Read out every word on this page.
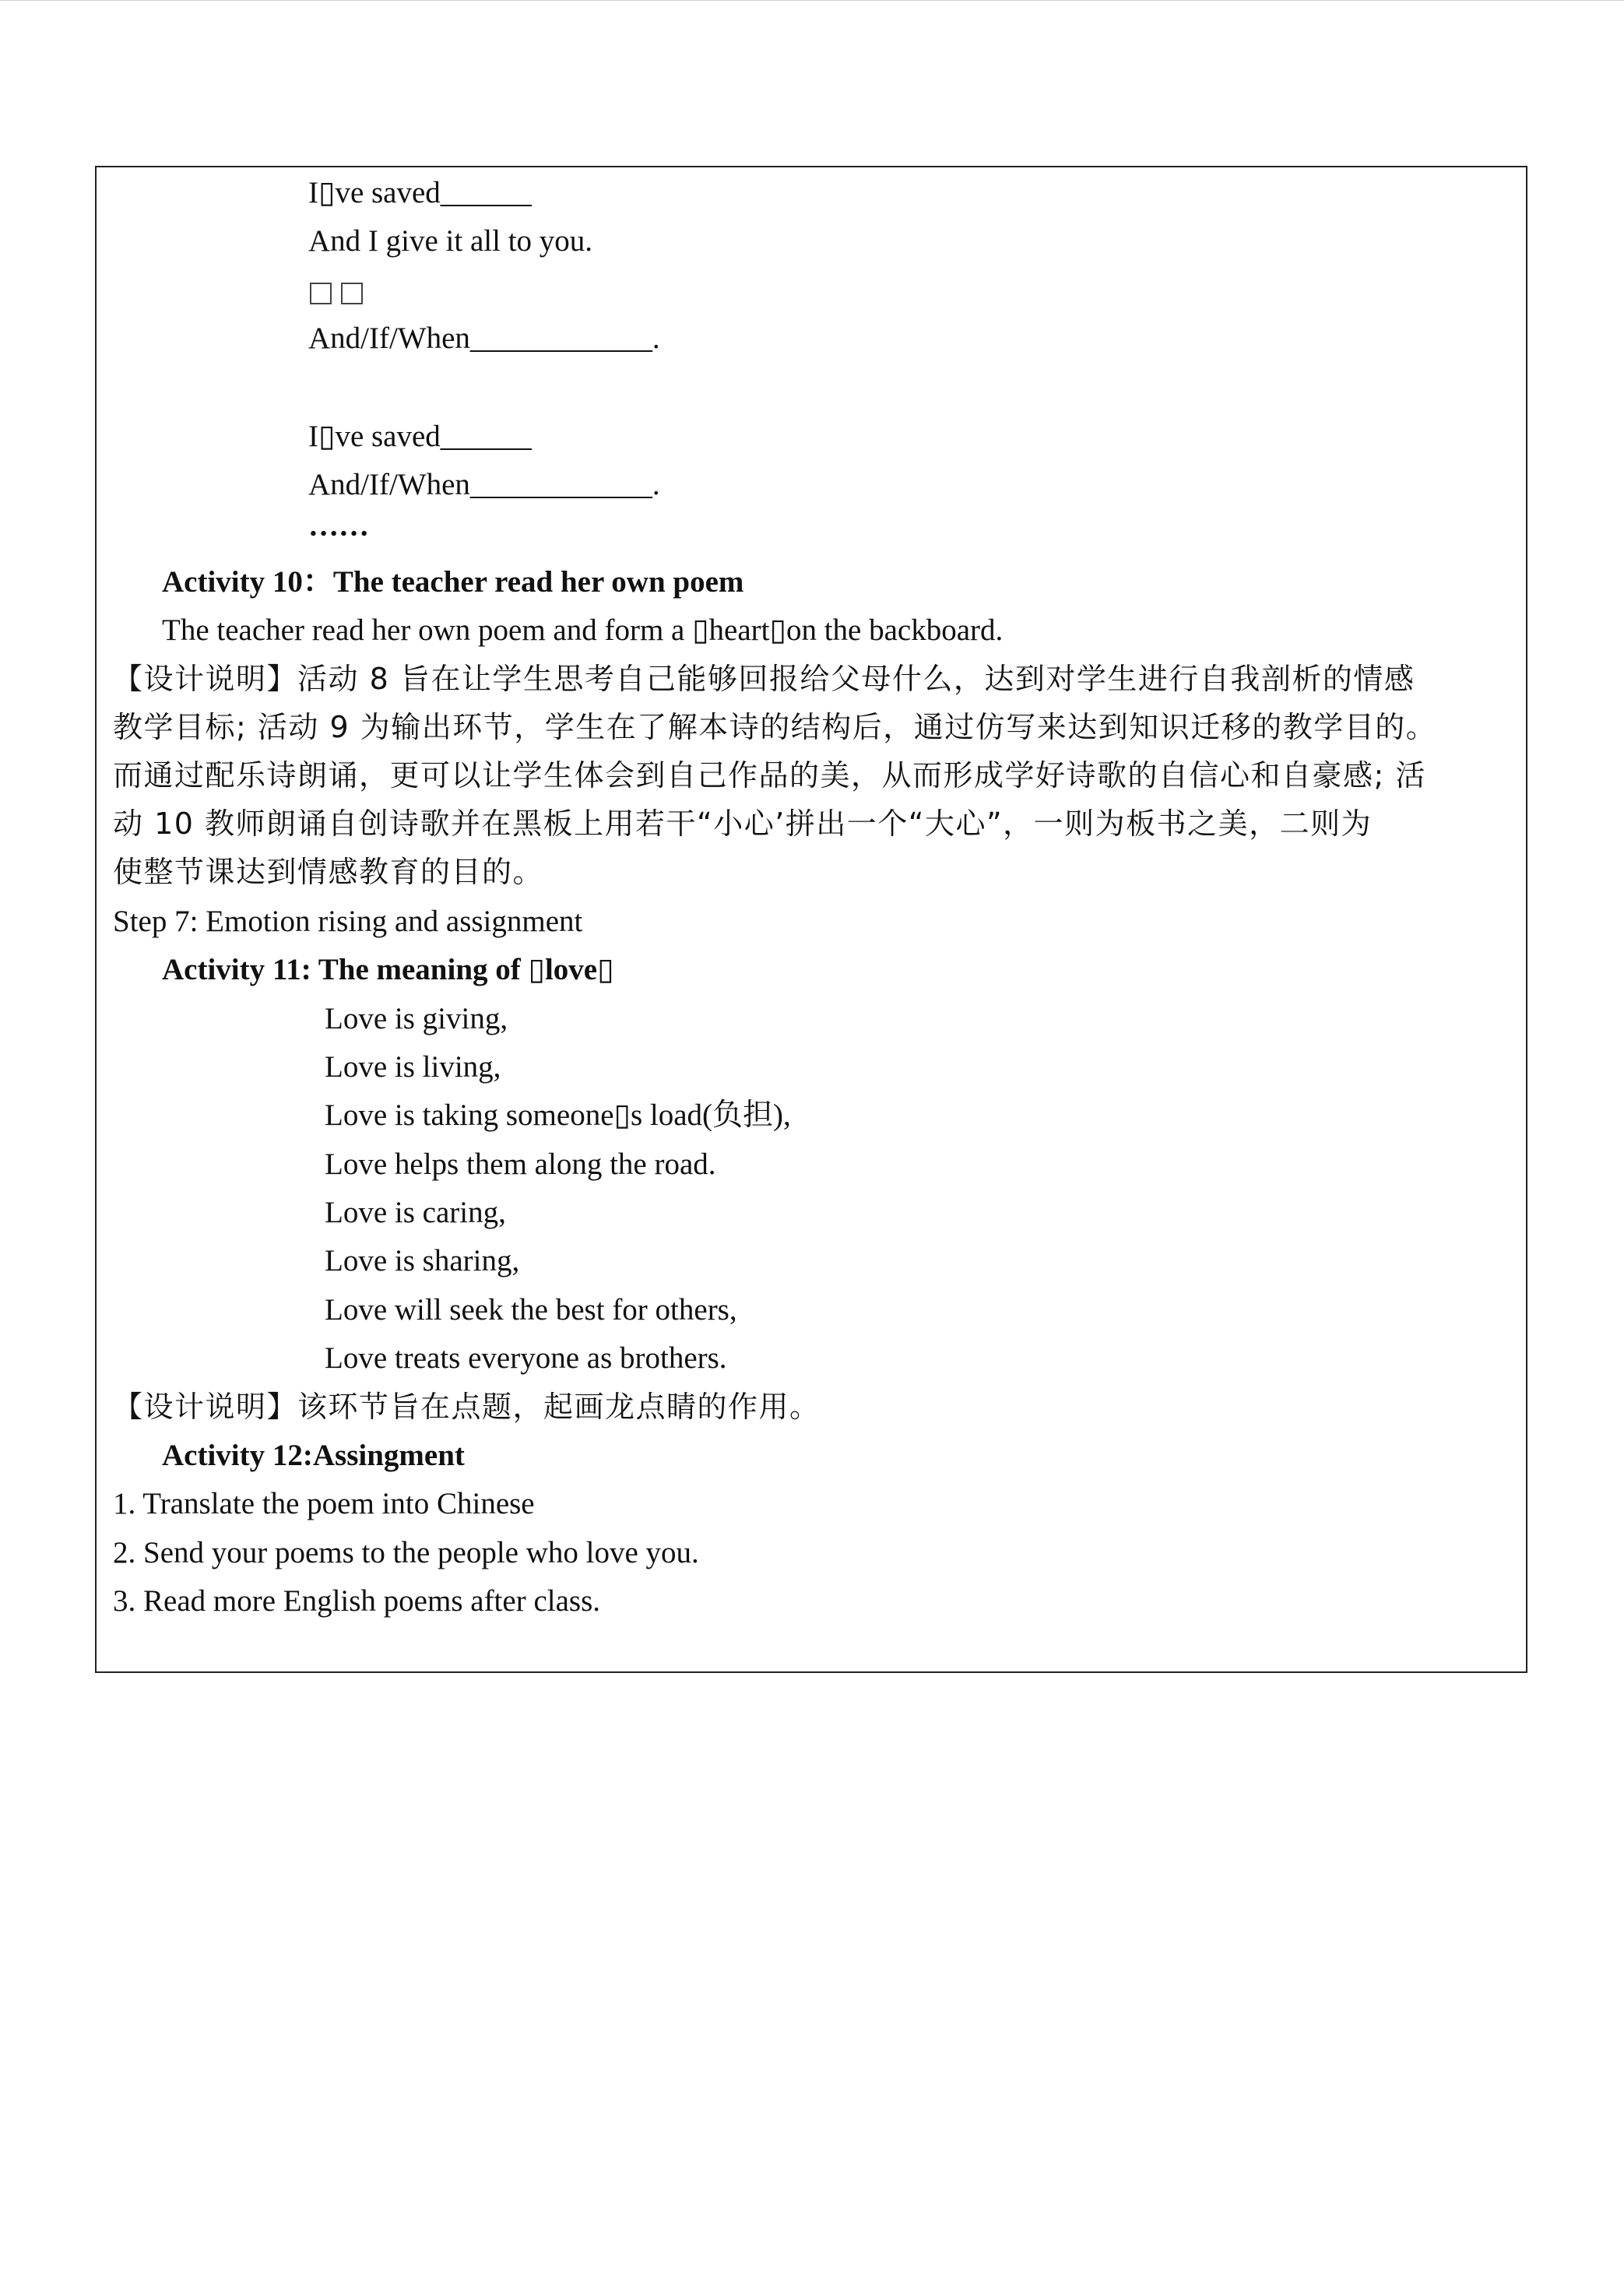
I▯ve saved______
And I give it all to you.
And/If/When____________.
I▯ve saved______
And/If/When____________.
……
Activity 10：The teacher read her own poem
The teacher read her own poem and form a ▯heart▯on the backboard.
【设计说明】活动 8 旨在让学生思考自己能够回报给父母什么，达到对学生进行自我剖析的情感
教学目标; 活动 9 为输出环节，学生在了解本诗的结构后，通过仿写来达到知识迁移的教学目的。
而通过配乐诗朗诵，更可以让学生体会到自己作品的美，从而形成学好诗歌的自信心和自豪感; 活
动 10 教师朗诵自创诗歌并在黑板上用若干“小心’拼出一个“大心”，一则为板书之美，二则为
使整节课达到情感教育的目的。
Step 7: Emotion rising and assignment
Activity 11: The meaning of ▯love▯
Love is giving,
Love is living,
Love is taking someone▯s load(负担),
Love helps them along the road.
Love is caring,
Love is sharing,
Love will seek the best for others,
Love treats everyone as brothers.
【设计说明】该环节旨在点题，起画龙点睛的作用。
Activity 12:Assingment
1. Translate the poem into Chinese
2. Send your poems to the people who love you.
3. Read more English poems after class.
